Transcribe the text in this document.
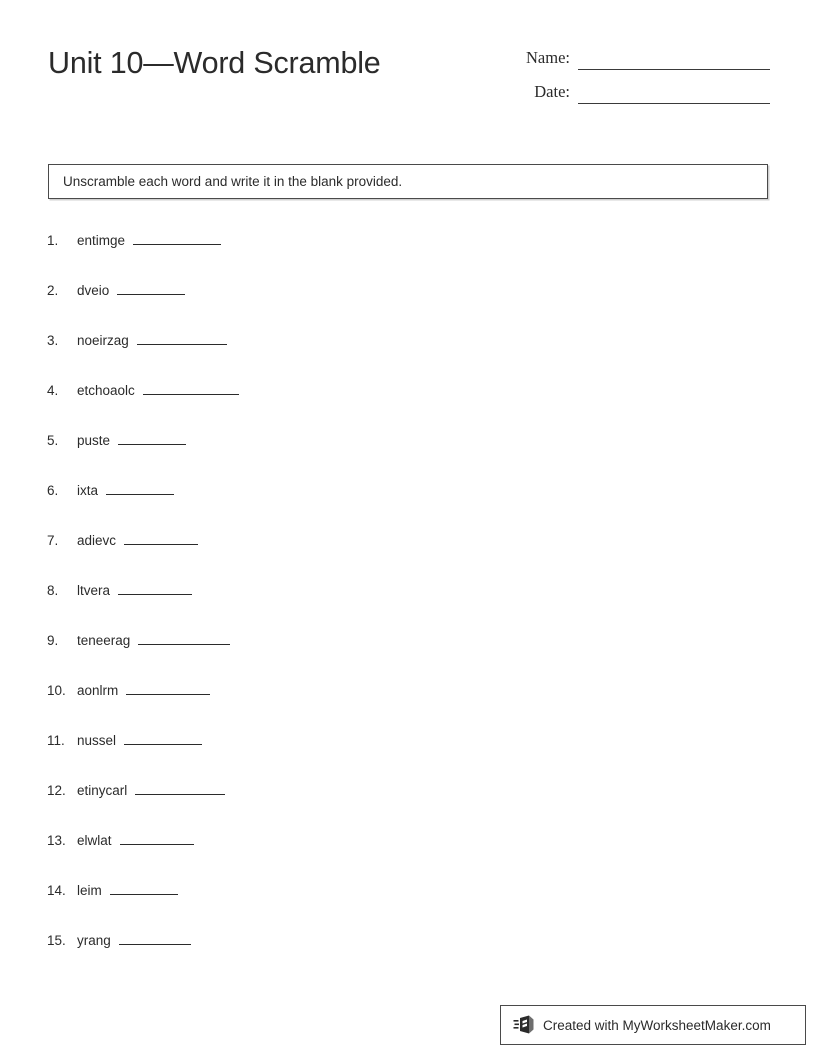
Unit 10—Word Scramble	Name:
Date:
Unscramble each word and write it in the blank provided.
1.	entimge
2.	dveio
3.	noeirzag
4.	etchoaolc
5.	puste
6.	ixta
7.	adievc
8.	ltvera
9.	teneerag
10. aonlrm
11. nussel
12. etinycarl
13. elwlat
14. leim
15. yrang
Created with MyWorksheetMaker.com
